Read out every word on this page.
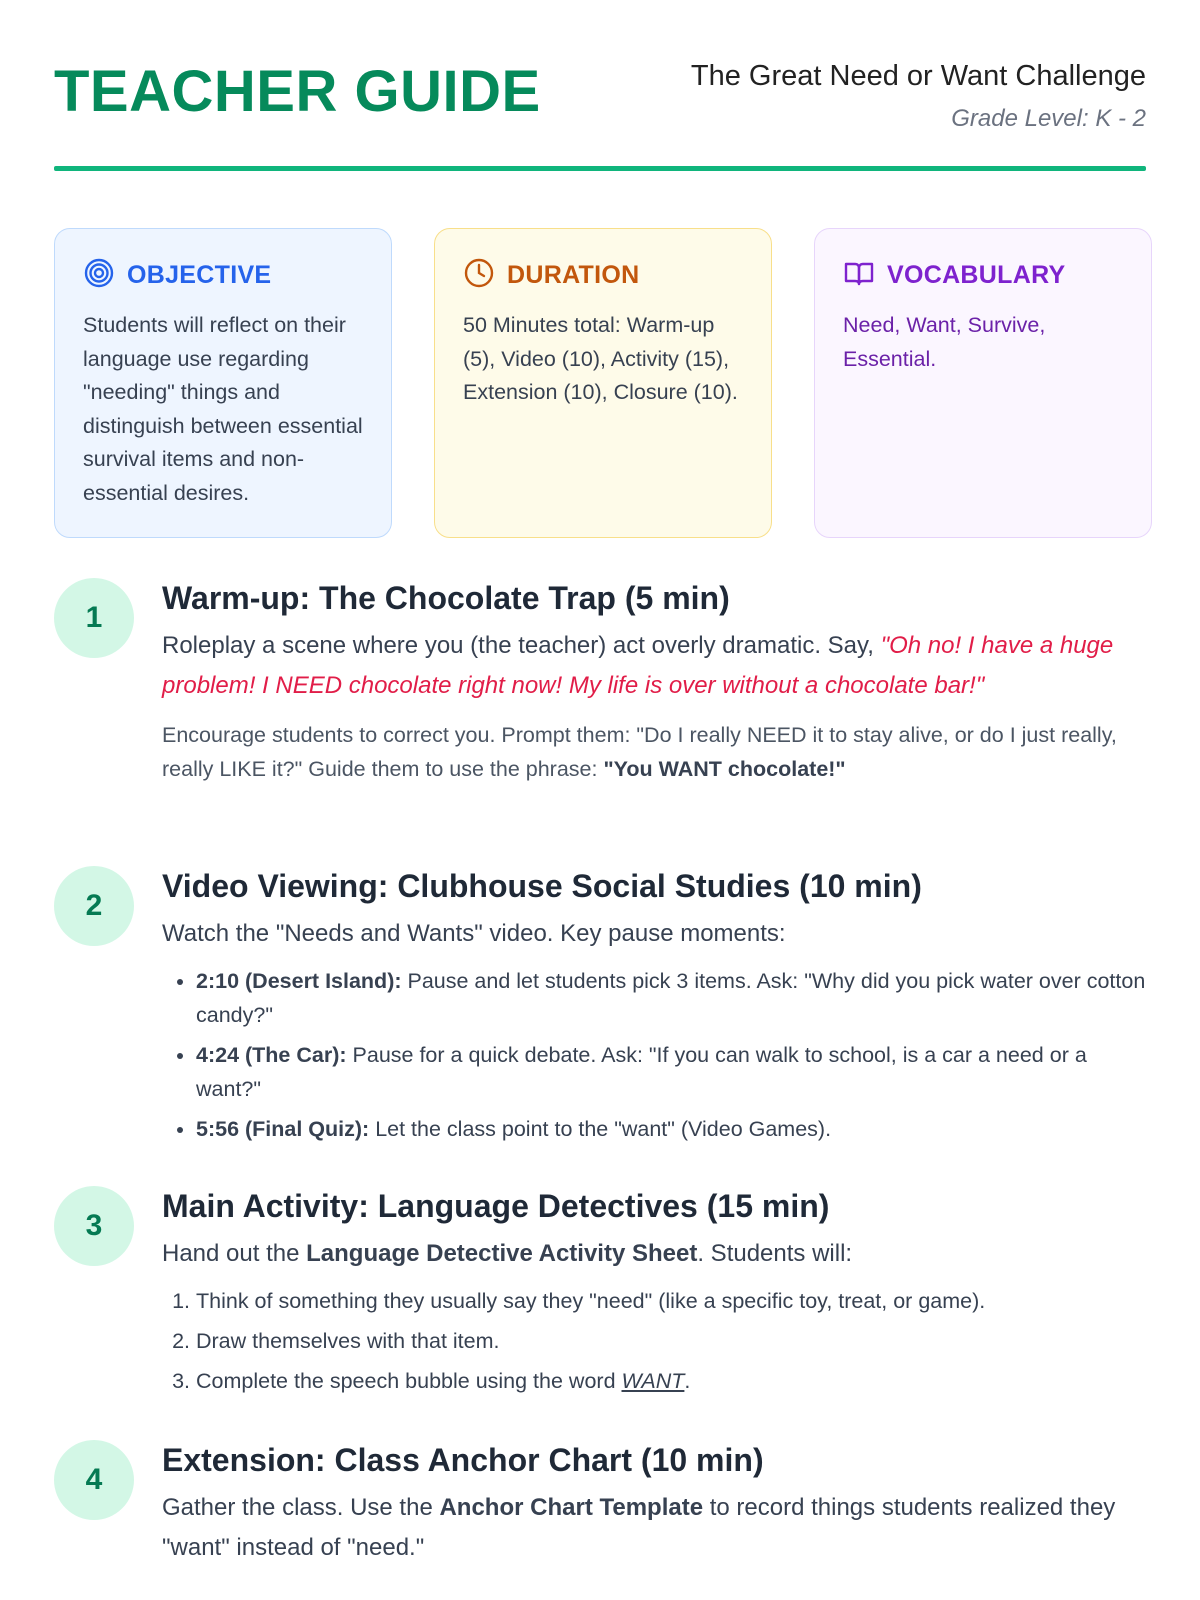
TEACHER GUIDE	The Great Need or Want Challenge
Grade Level: K - 2
OBJECTIVE
Students will reflect on their language use regarding "needing" things and distinguish between essential survival items and non-essential desires.
DURATION
50 Minutes total: Warm-up (5), Video (10), Activity (15), Extension (10), Closure (10).
VOCABULARY
Need, Want, Survive, Essential.
1
Warm-up: The Chocolate Trap (5 min)
Roleplay a scene where you (the teacher) act overly dramatic. Say, "Oh no! I have a huge problem! I NEED chocolate right now! My life is over without a chocolate bar!"
Encourage students to correct you. Prompt them: "Do I really NEED it to stay alive, or do I just really, really LIKE it?" Guide them to use the phrase: "You WANT chocolate!"
2
Video Viewing: Clubhouse Social Studies (10 min)
Watch the "Needs and Wants" video. Key pause moments:
• 2:10 (Desert Island): Pause and let students pick 3 items. Ask: "Why did you pick water over cotton candy?"
• 4:24 (The Car): Pause for a quick debate. Ask: "If you can walk to school, is a car a need or a want?"
• 5:56 (Final Quiz): Let the class point to the "want" (Video Games).
3
Main Activity: Language Detectives (15 min)
Hand out the Language Detective Activity Sheet. Students will:
1. Think of something they usually say they "need" (like a specific toy, treat, or game).
2. Draw themselves with that item.
3. Complete the speech bubble using the word WANT.
4
Extension: Class Anchor Chart (10 min)
Gather the class. Use the Anchor Chart Template to record things students realized they "want" instead of "need."
